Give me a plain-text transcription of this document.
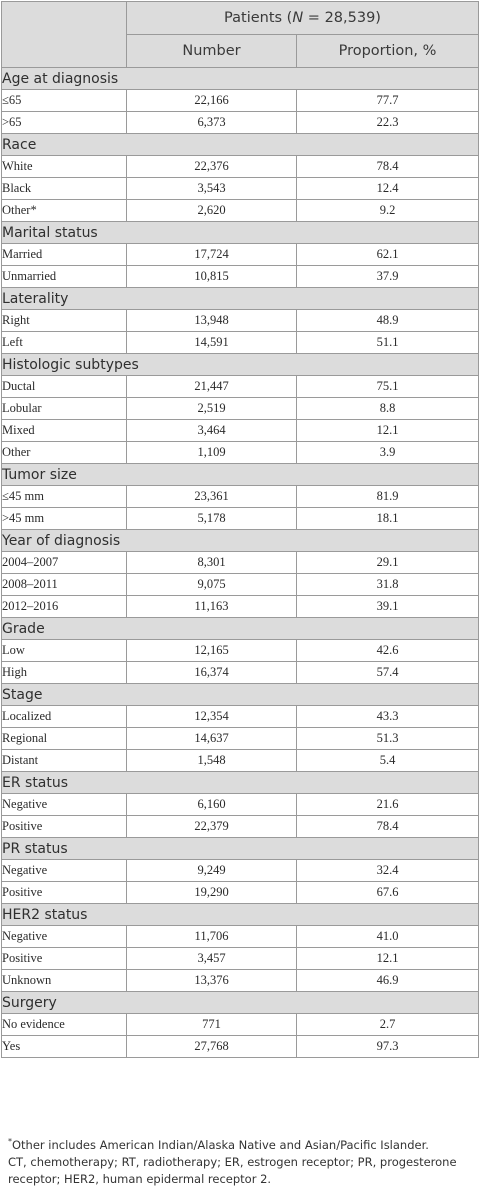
	Patients (N = 28,539)	
	Number	Proportion, %
Age at diagnosis		
≤65	22,166	77.7
>65	6,373	22.3
Race		
White	22,376	78.4
Black	3,543	12.4
Other*	2,620	9.2
Marital status		
Married	17,724	62.1
Unmarried	10,815	37.9
Laterality		
Right	13,948	48.9
Left	14,591	51.1
Histologic subtypes		
Ductal	21,447	75.1
Lobular	2,519	8.8
Mixed	3,464	12.1
Other	1,109	3.9
Tumor size		
≤45 mm	23,361	81.9
>45 mm	5,178	18.1
Year of diagnosis		
2004–2007	8,301	29.1
2008–2011	9,075	31.8
2012–2016	11,163	39.1
Grade		
Low	12,165	42.6
High	16,374	57.4
Stage		
Localized	12,354	43.3
Regional	14,637	51.3
Distant	1,548	5.4
ER status		
Negative	6,160	21.6
Positive	22,379	78.4
PR status		
Negative	9,249	32.4
Positive	19,290	67.6
HER2 status		
Negative	11,706	41.0
Positive	3,457	12.1
Unknown	13,376	46.9
Surgery		
No evidence	771	2.7
Yes	27,768	97.3

*Other includes American Indian/Alaska Native and Asian/Pacific Islander.

CT, chemotherapy; RT, radiotherapy; ER, estrogen receptor; PR, progesterone receptor; HER2, human epidermal receptor 2.
